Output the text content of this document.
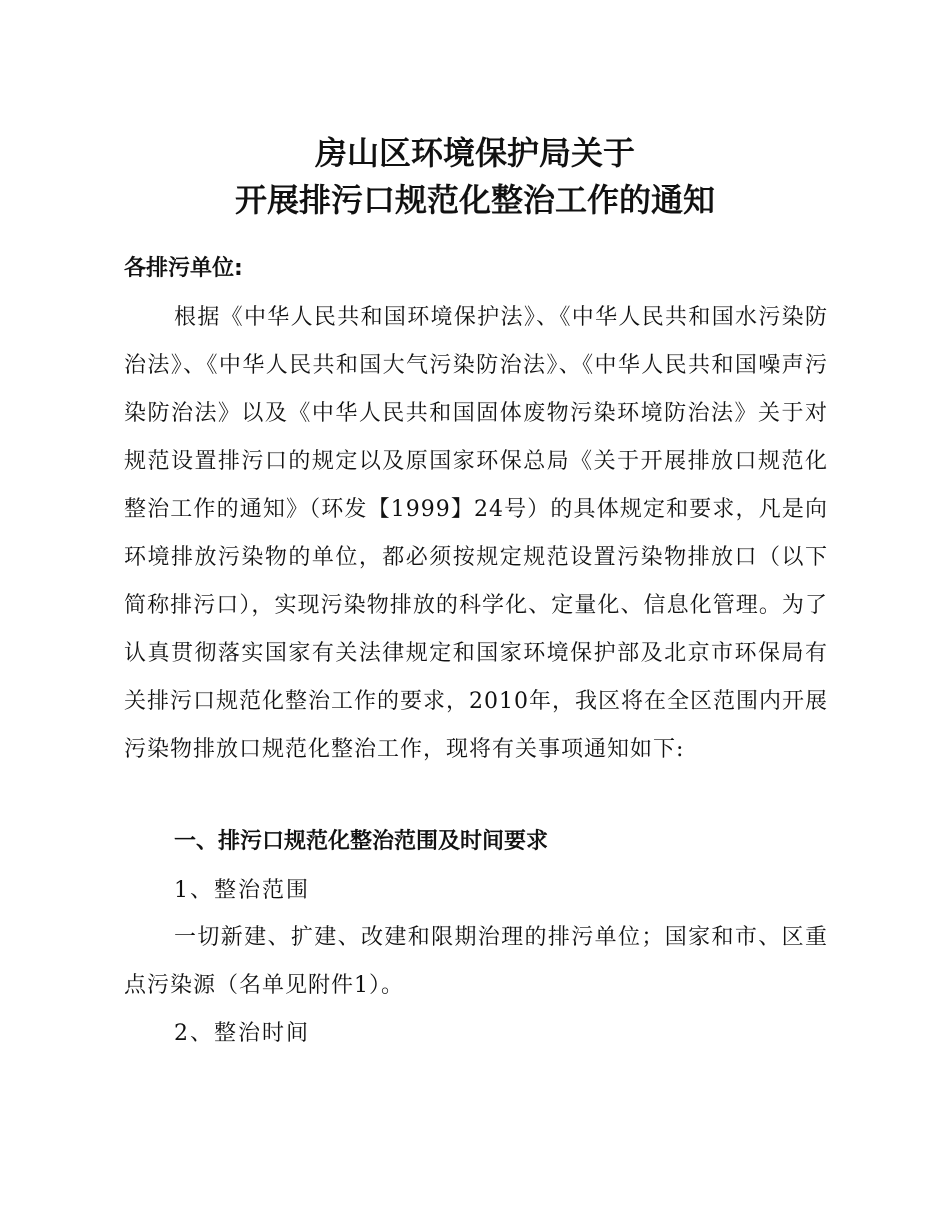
房山区环境保护局关于
开展排污口规范化整治工作的通知
各排污单位:

根据《中华人民共和国环境保护法》、《中华人民共和国水污染防治法》、《中华人民共和国大气污染防治法》、《中华人民共和国噪声污染防治法》以及《中华人民共和国固体废物污染环境防治法》关于对规范设置排污口的规定以及原国家环保总局《关于开展排放口规范化整治工作的通知》（环发【1999】24号）的具体规定和要求，凡是向环境排放污染物的单位，都必须按规定规范设置污染物排放口（以下简称排污口），实现污染物排放的科学化、定量化、信息化管理。为了认真贯彻落实国家有关法律规定和国家环境保护部及北京市环保局有关排污口规范化整治工作的要求，2010年，我区将在全区范围内开展污染物排放口规范化整治工作，现将有关事项通知如下:

一、排污口规范化整治范围及时间要求
1、整治范围

一切新建、扩建、改建和限期治理的排污单位；国家和市、区重点污染源（名单见附件1）。

2、整治时间
